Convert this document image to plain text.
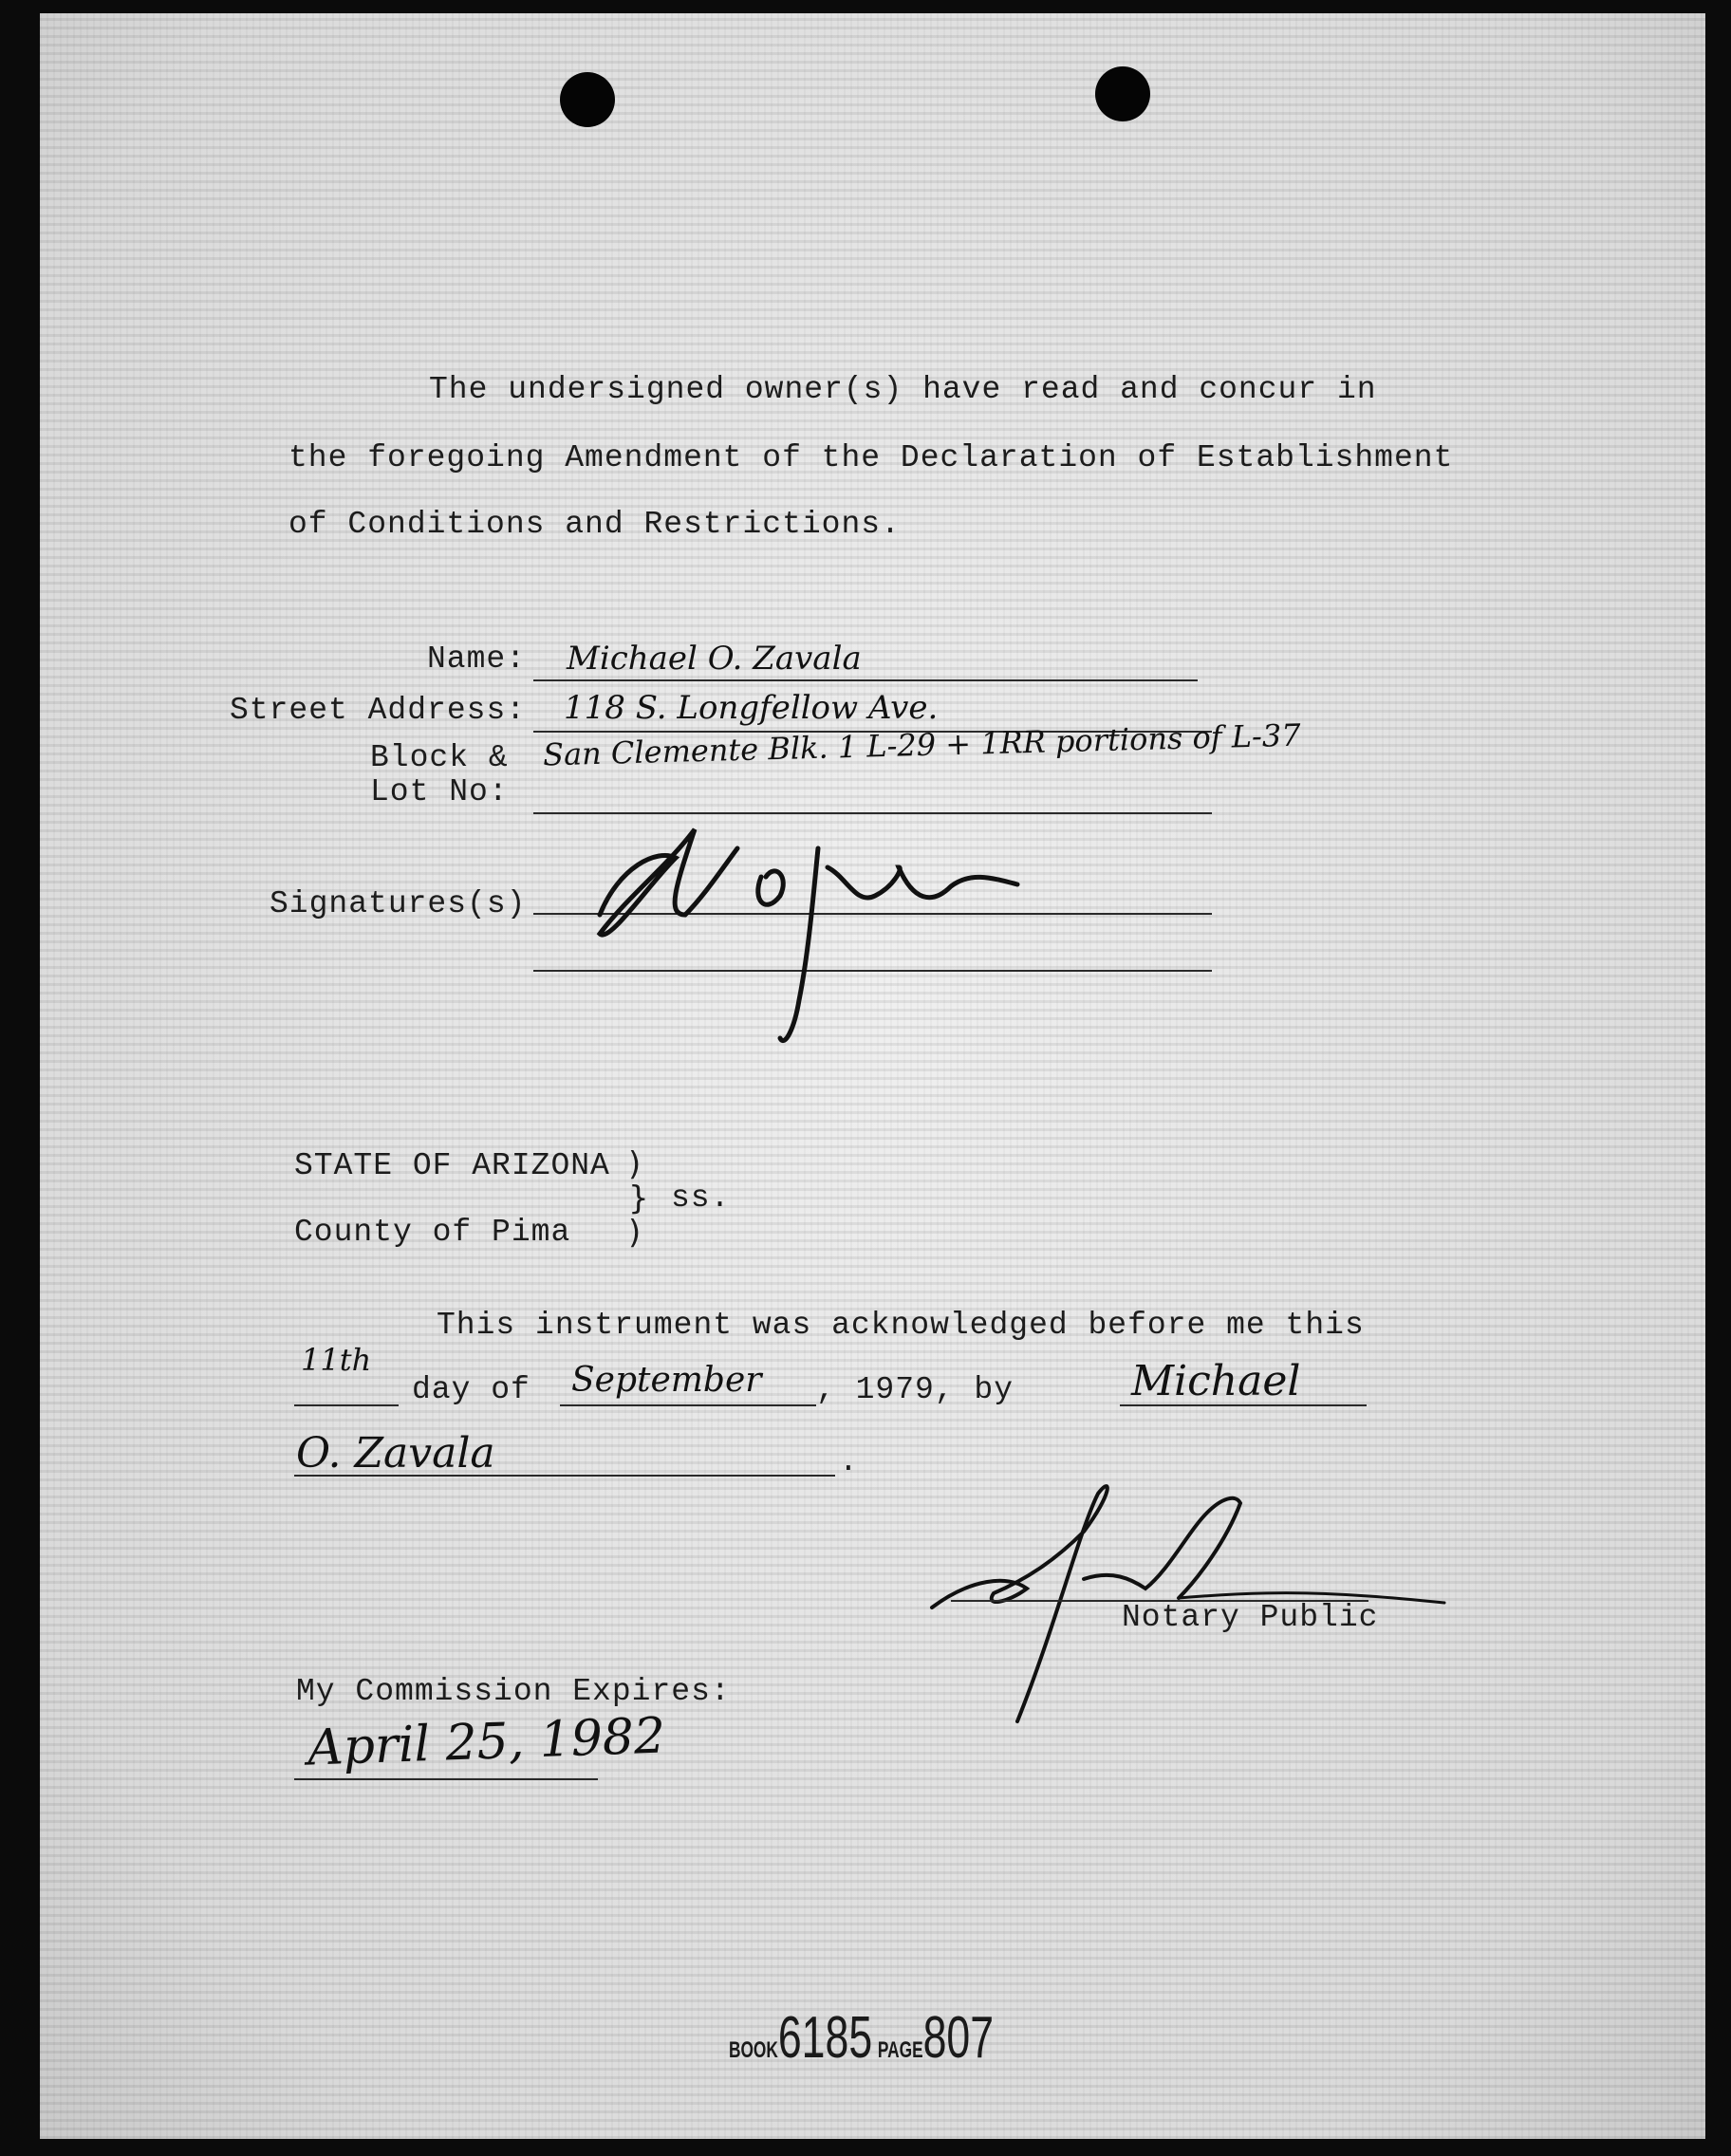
The undersigned owner(s) have read and concur in
the foregoing Amendment of the Declaration of Establishment
of Conditions and Restrictions.
Name: Michael O. Zavala
Street Address: 118 S. Longfellow Ave.
Block &
Lot No:
San Clemente Blk. 1 L-29 + 1RR portions of L-37
Signatures(s)
STATE OF ARIZONA
County of Pima
)
}
)
ss.
This instrument was acknowledged before me this
11th
day of September , 1979, by	Michael
O. Zavala	.
Notary Public
My Commission Expires:
April 25, 1982
BOOK6185 PAGE807
